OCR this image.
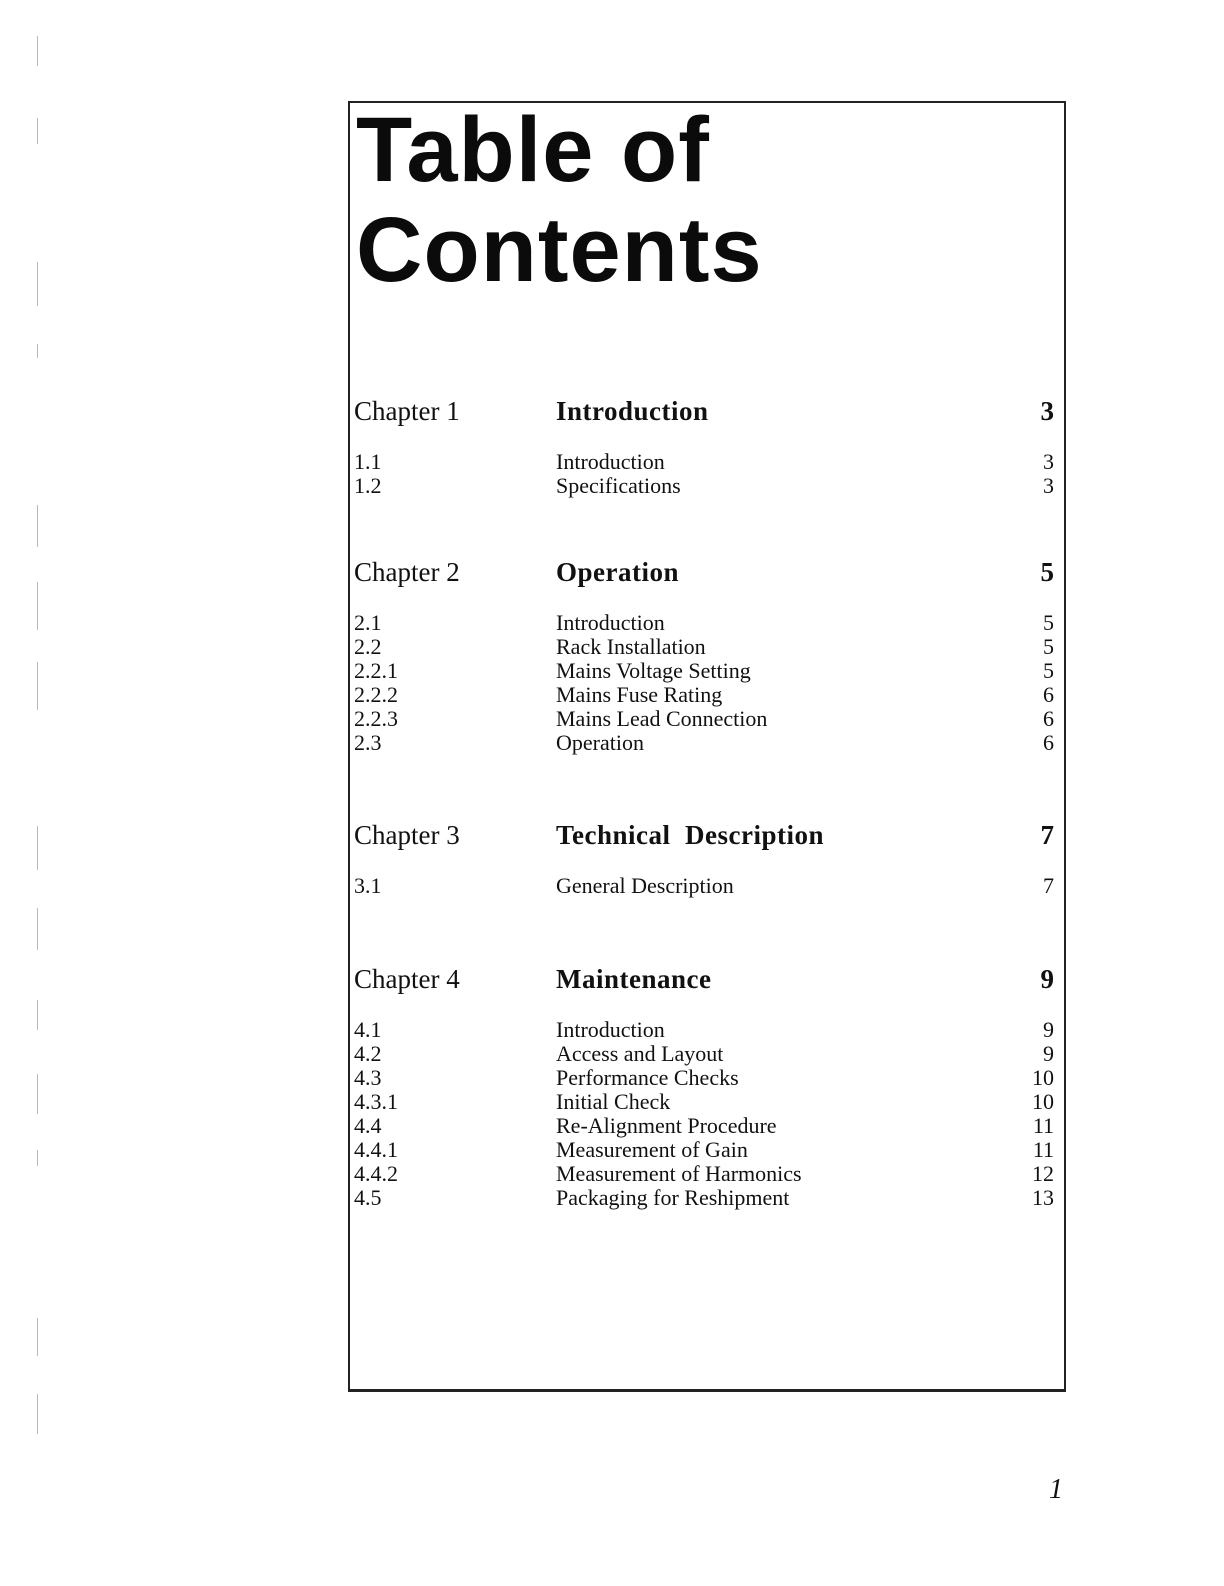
Table of
Contents
Chapter 1	Introduction	3
1.1	Introduction	3
1.2	Specifications	3
Chapter 2	Operation	5
2.1	Introduction	5
2.2	Rack Installation	5
2.2.1	Mains Voltage Setting	5
2.2.2	Mains Fuse Rating	6
2.2.3	Mains Lead Connection	6
2.3	Operation	6
Chapter 3	Technical  Description	7
3.1	General Description	7
Chapter 4	Maintenance	9
4.1	Introduction	9
4.2	Access and Layout	9
4.3	Performance Checks	10
4.3.1	Initial Check	10
4.4	Re-Alignment Procedure	11
4.4.1	Measurement of Gain	11
4.4.2	Measurement of Harmonics	12
4.5	Packaging for Reshipment	13
1
